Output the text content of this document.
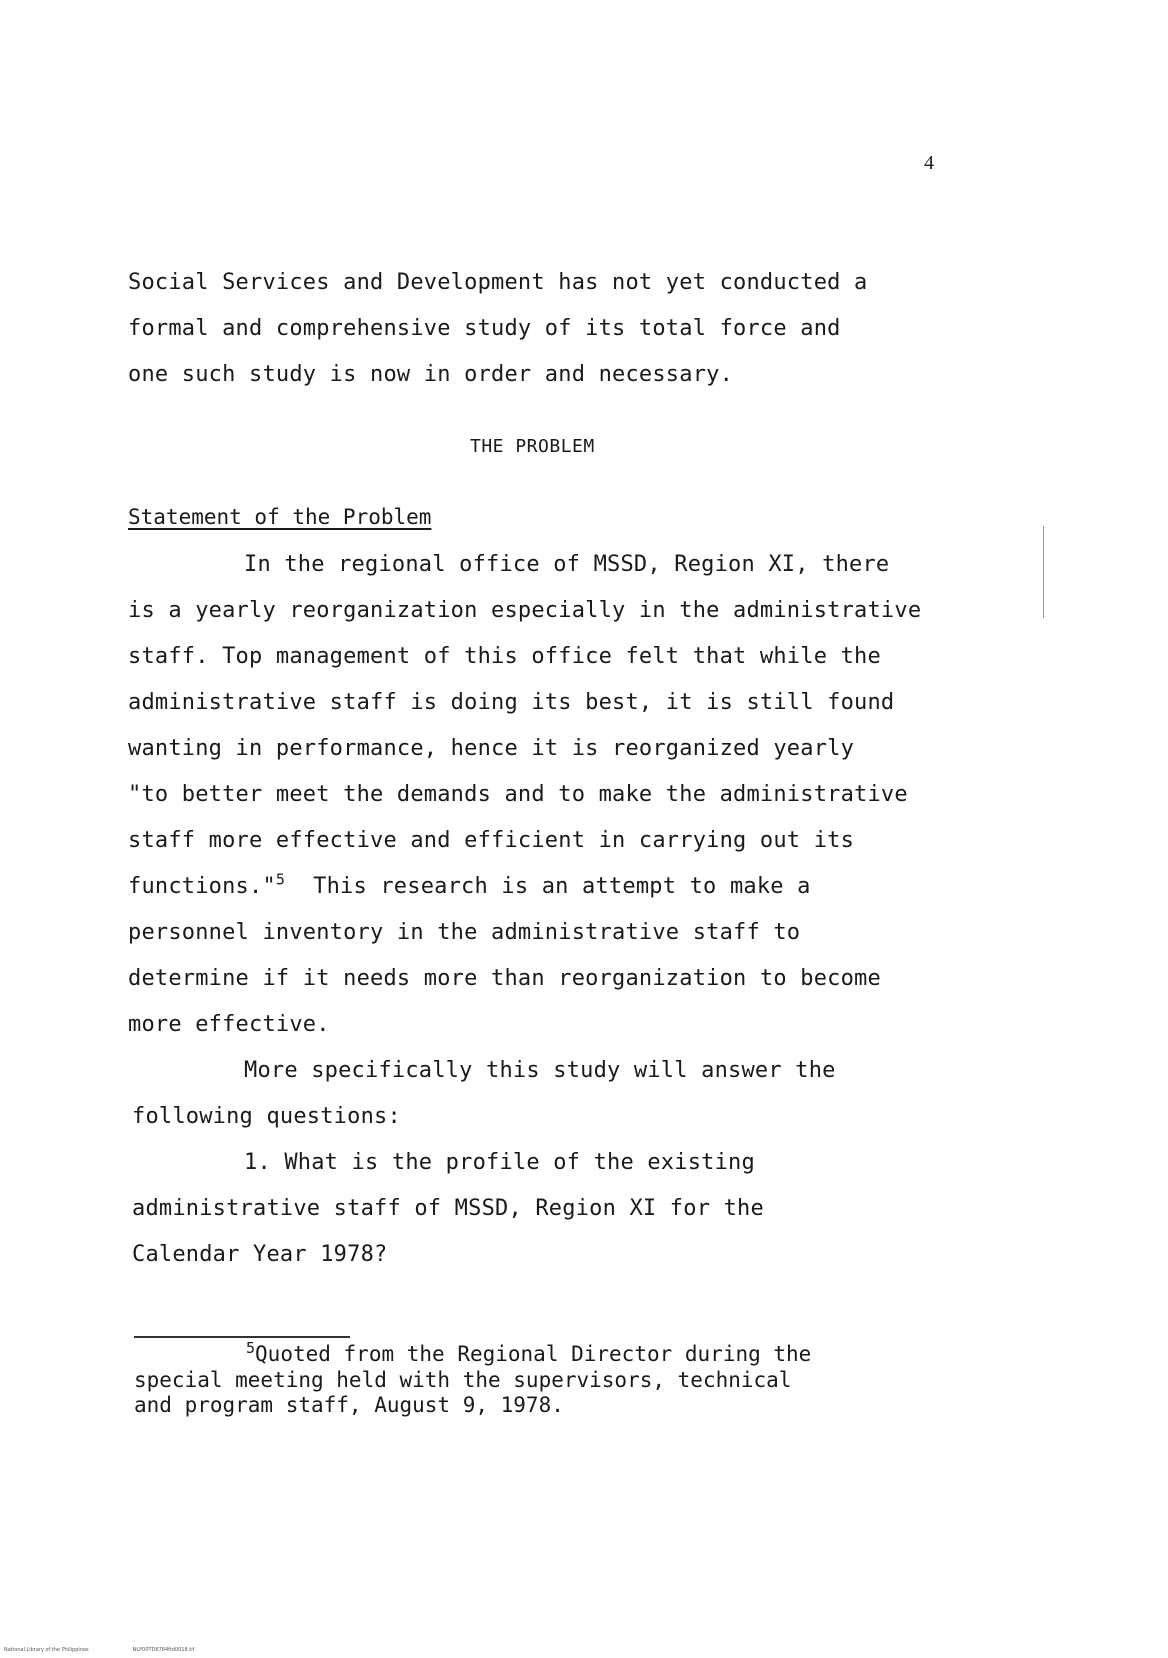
4
Social Services and Development has not yet conducted a
formal and comprehensive study of its total force and
one such study is now in order and necessary.
THE PROBLEM
Statement of the Problem
In the regional office of MSSD, Region XI, there
is a yearly reorganization especially in the administrative
staff. Top management of this office felt that while the
administrative staff is doing its best, it is still found
wanting in performance, hence it is reorganized yearly
"to better meet the demands and to make the administrative
staff more effective and efficient in carrying out its
functions."$^5$ This research is an attempt to make a
personnel inventory in the administrative staff to
determine if it needs more than reorganization to become
more effective.
More specifically this study will answer the
following questions:
1. What is the profile of the existing
administrative staff of MSSD, Region XI for the
Calendar Year 1978?
$^5$Quoted from the Regional Director during the
special meeting held with the supervisors, technical
and program staff, August 9, 1978.
National Library of the Philippines	NLP00TD6784ftd0018.tif
